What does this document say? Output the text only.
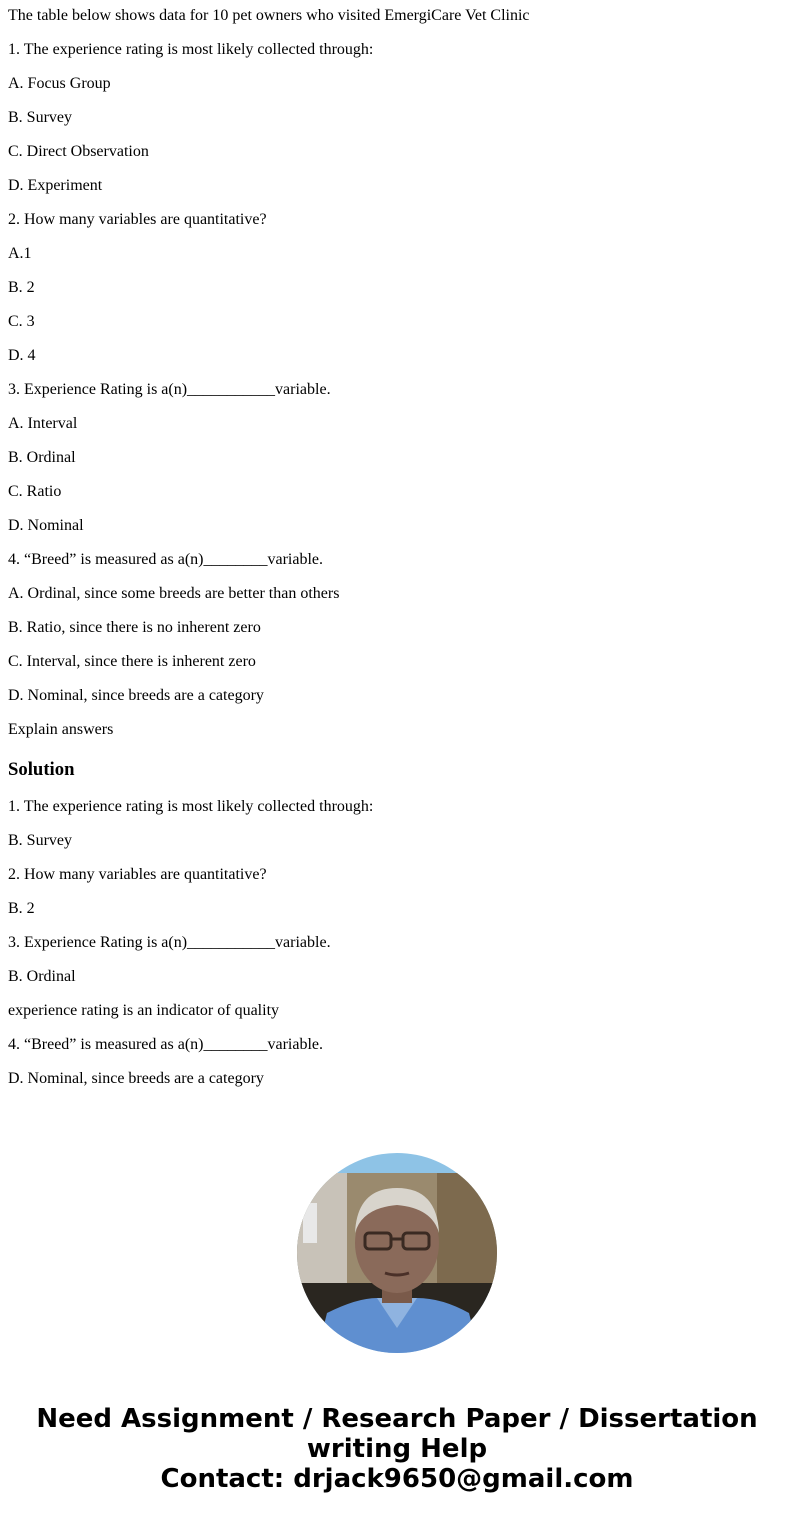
The table below shows data for 10 pet owners who visited EmergiCare Vet Clinic

1. The experience rating is most likely collected through:

A. Focus Group

B. Survey

C. Direct Observation

D. Experiment

2. How many variables are quantitative?

A.1

B. 2

C. 3

D. 4

3. Experience Rating is a(n)___________variable.

A. Interval

B. Ordinal

C. Ratio

D. Nominal

4. “Breed” is measured as a(n)________variable.

A. Ordinal, since some breeds are better than others

B. Ratio, since there is no inherent zero

C. Interval, since there is inherent zero

D. Nominal, since breeds are a category

Explain answers

Solution

1. The experience rating is most likely collected through:

B. Survey

2. How many variables are quantitative?

B. 2

3. Experience Rating is a(n)___________variable.

B. Ordinal

experience rating is an indicator of quality

4. “Breed” is measured as a(n)________variable.

D. Nominal, since breeds are a category

Need Assignment / Research Paper / Dissertation
writing Help
Contact: drjack9650@gmail.com
